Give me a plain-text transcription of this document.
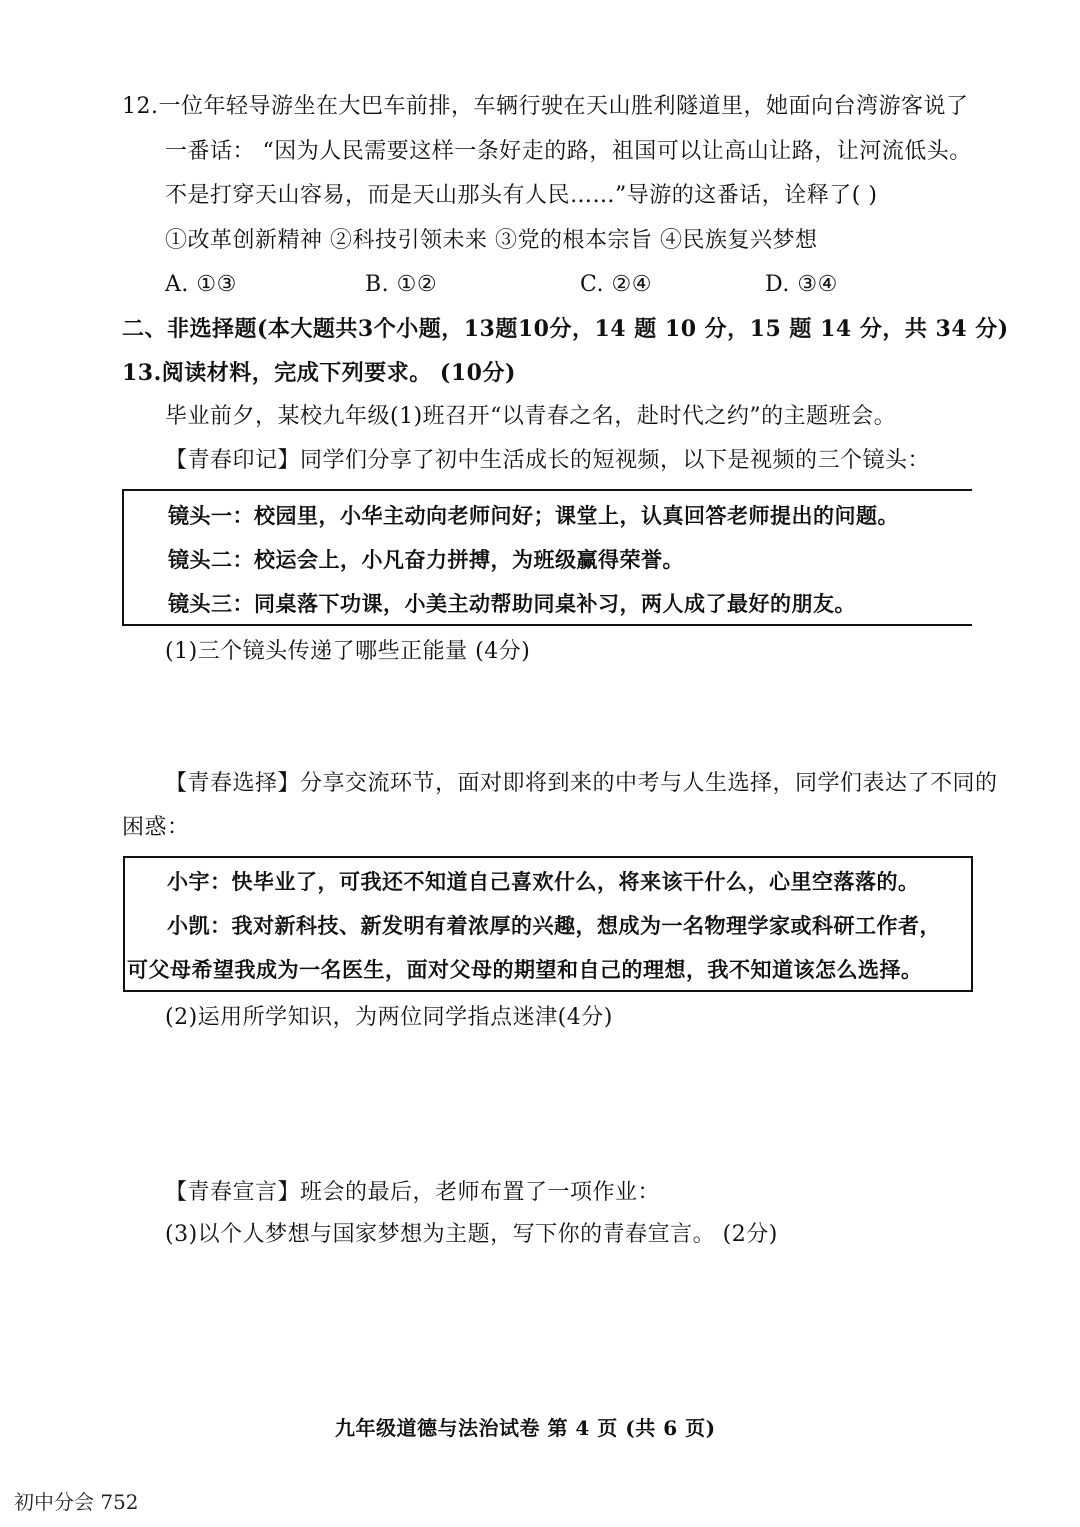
12.一位年轻导游坐在大巴车前排，车辆行驶在天山胜利隧道里，她面向台湾游客说了
一番话： “因为人民需要这样一条好走的路，祖国可以让高山让路，让河流低头。
不是打穿天山容易，而是天山那头有人民……”导游的这番话，诠释了( )
①改革创新精神 ②科技引领未来 ③党的根本宗旨 ④民族复兴梦想
A. ①③	B. ①②	C. ②④	D. ③④
二、非选择题(本大题共3个小题，13题10分，14 题 10 分，15 题 14 分，共 34 分)
13.阅读材料，完成下列要求。 (10分)
毕业前夕，某校九年级(1)班召开“以青春之名，赴时代之约”的主题班会。
【青春印记】同学们分享了初中生活成长的短视频，以下是视频的三个镜头：
镜头一：校园里，小华主动向老师问好；课堂上，认真回答老师提出的问题。
镜头二：校运会上，小凡奋力拼搏，为班级赢得荣誉。
镜头三：同桌落下功课，小美主动帮助同桌补习，两人成了最好的朋友。
(1)三个镜头传递了哪些正能量 (4分)
【青春选择】分享交流环节，面对即将到来的中考与人生选择，同学们表达了不同的
困惑：
小宇：快毕业了，可我还不知道自己喜欢什么，将来该干什么，心里空落落的。
小凯：我对新科技、新发明有着浓厚的兴趣，想成为一名物理学家或科研工作者，
可父母希望我成为一名医生，面对父母的期望和自己的理想，我不知道该怎么选择。
(2)运用所学知识，为两位同学指点迷津(4分)
【青春宣言】班会的最后，老师布置了一项作业：
(3)以个人梦想与国家梦想为主题，写下你的青春宣言。 (2分)
九年级道德与法治试卷 第 4 页 (共 6 页)
初中分会 752
